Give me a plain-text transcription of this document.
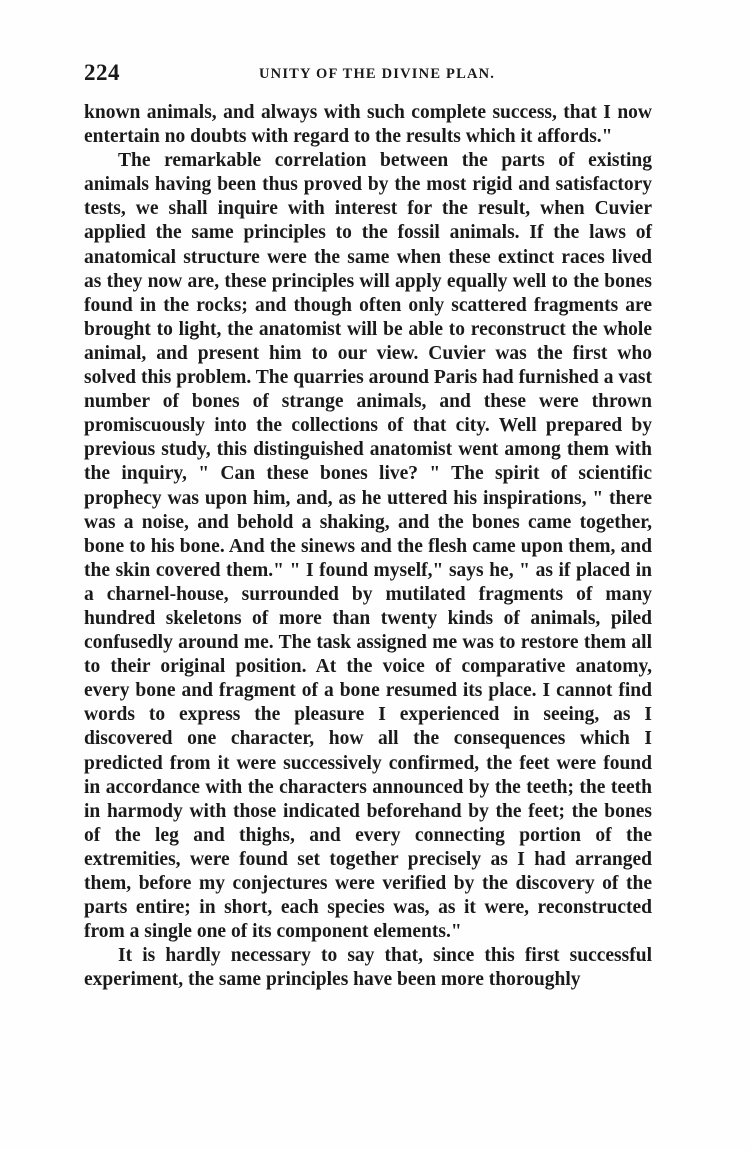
224	UNITY OF THE DIVINE PLAN.

known animals, and always with such complete success, that I now entertain no doubts with regard to the results which it affords."

The remarkable correlation between the parts of existing animals having been thus proved by the most rigid and satisfactory tests, we shall inquire with interest for the result, when Cuvier applied the same principles to the fossil animals. If the laws of anatomical structure were the same when these extinct races lived as they now are, these principles will apply equally well to the bones found in the rocks; and though often only scattered fragments are brought to light, the anatomist will be able to reconstruct the whole animal, and present him to our view. Cuvier was the first who solved this problem. The quarries around Paris had furnished a vast number of bones of strange animals, and these were thrown promiscuously into the collections of that city. Well prepared by previous study, this distinguished anatomist went among them with the inquiry, " Can these bones live? " The spirit of scientific prophecy was upon him, and, as he uttered his inspirations, " there was a noise, and behold a shaking, and the bones came together, bone to his bone. And the sinews and the flesh came upon them, and the skin covered them." " I found myself," says he, " as if placed in a charnel-house, surrounded by mutilated fragments of many hundred skeletons of more than twenty kinds of animals, piled confusedly around me. The task assigned me was to restore them all to their original position. At the voice of comparative anatomy, every bone and fragment of a bone resumed its place. I cannot find words to express the pleasure I experienced in seeing, as I discovered one character, how all the consequences which I predicted from it were successively confirmed, the feet were found in accordance with the characters announced by the teeth; the teeth in harmody with those indicated beforehand by the feet; the bones of the leg and thighs, and every connecting portion of the extremities, were found set together precisely as I had arranged them, before my conjectures were verified by the discovery of the parts entire; in short, each species was, as it were, reconstructed from a single one of its component elements."

It is hardly necessary to say that, since this first successful experiment, the same principles have been more thoroughly
